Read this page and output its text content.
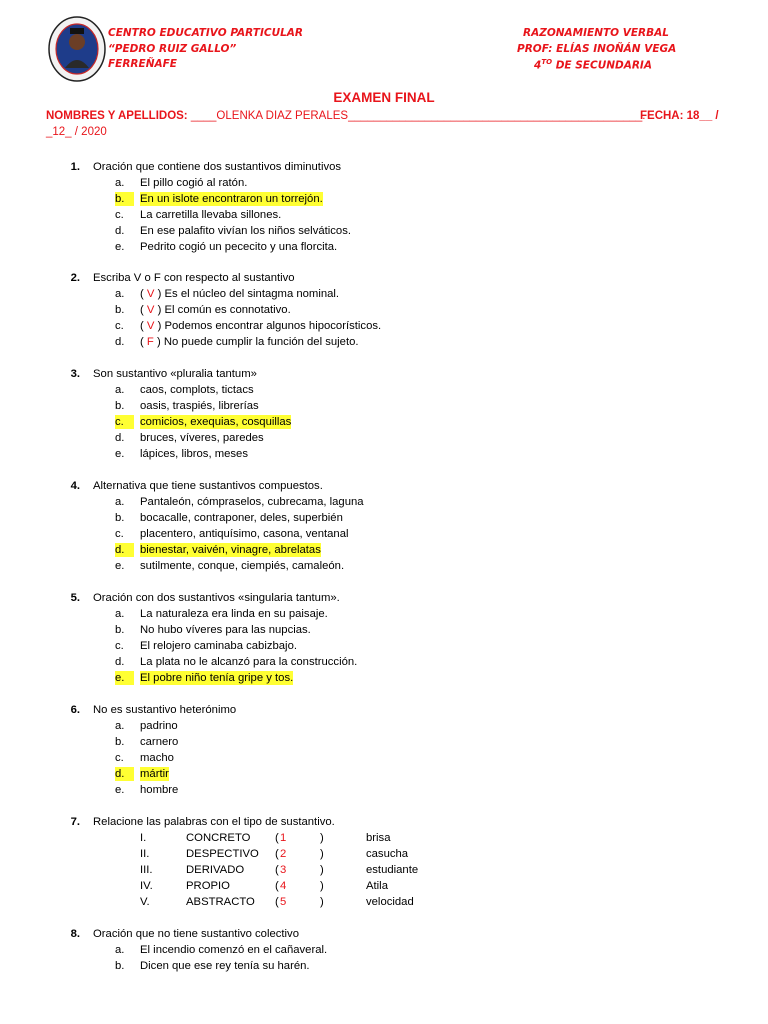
CENTRO EDUCATIVO PARTICULAR
“PEDRO RUIZ GALLO”
FERREÑAFE
RAZONAMIENTO VERBAL
PROF: ELÍAS INOÑÁN VEGA
$4^{TO}$ DE SECUNDARIA
EXAMEN FINAL
NOMBRES Y APELLIDOS: ____OLENKA DIAZ PERALES______________________________________________.
FECHA: 18__ /

_12_ / 2020
1. Oración que contiene dos sustantivos diminutivos
a. El pillo cogió al ratón.
b.	En un islote encontraron un torrejón.
c. La carretilla llevaba sillones.
d. En ese palafito vivían los niños selváticos.
e. Pedrito cogió un pececito y una florcita.
2. Escriba V o F con respecto al sustantivo
a. ( V ) Es el núcleo del sintagma nominal.
b. ( V ) El común es connotativo.
c. ( V ) Podemos encontrar algunos hipocorísticos.
d. ( F ) No puede cumplir la función del sujeto.
3. Son sustantivo «pluralia tantum»
a. caos, complots, tictacs
b. oasis, traspiés, librerías
c.	comicios, exequias, cosquillas
d. bruces, víveres, paredes
e. lápices, libros, meses
4. Alternativa que tiene sustantivos compuestos.
a. Pantaleón, cómpraselos, cubrecama, laguna
b. bocacalle, contraponer, deles, superbién
c. placentero, antiquísimo, casona, ventanal
d.	bienestar, vaivén, vinagre, abrelatas
e. sutilmente, conque, ciempiés, camaleón.
5. Oración con dos sustantivos «singularia tantum».
a. La naturaleza era linda en su paisaje.
b. No hubo víveres para las nupcias.
c. El relojero caminaba cabizbajo.
d. La plata no le alcanzó para la construcción.
e.	El pobre niño tenía gripe y tos.
6. No es sustantivo heterónimo
a. padrino
b. carnero
c. macho
d.	mártir
e. hombre
7. Relacione las palabras con el tipo de sustantivo.
I.	CONCRETO ( 1	)	brisa
II.	DESPECTIVO ( 2	)	casucha
III.	DERIVADO	( 3	)	estudiante
IV.	PROPIO	( 4	)	Atila
V.	ABSTRACTO ( 5	)	velocidad
8. Oración que no tiene sustantivo colectivo
a. El incendio comenzó en el cañaveral.
b. Dicen que ese rey tenía su harén.
